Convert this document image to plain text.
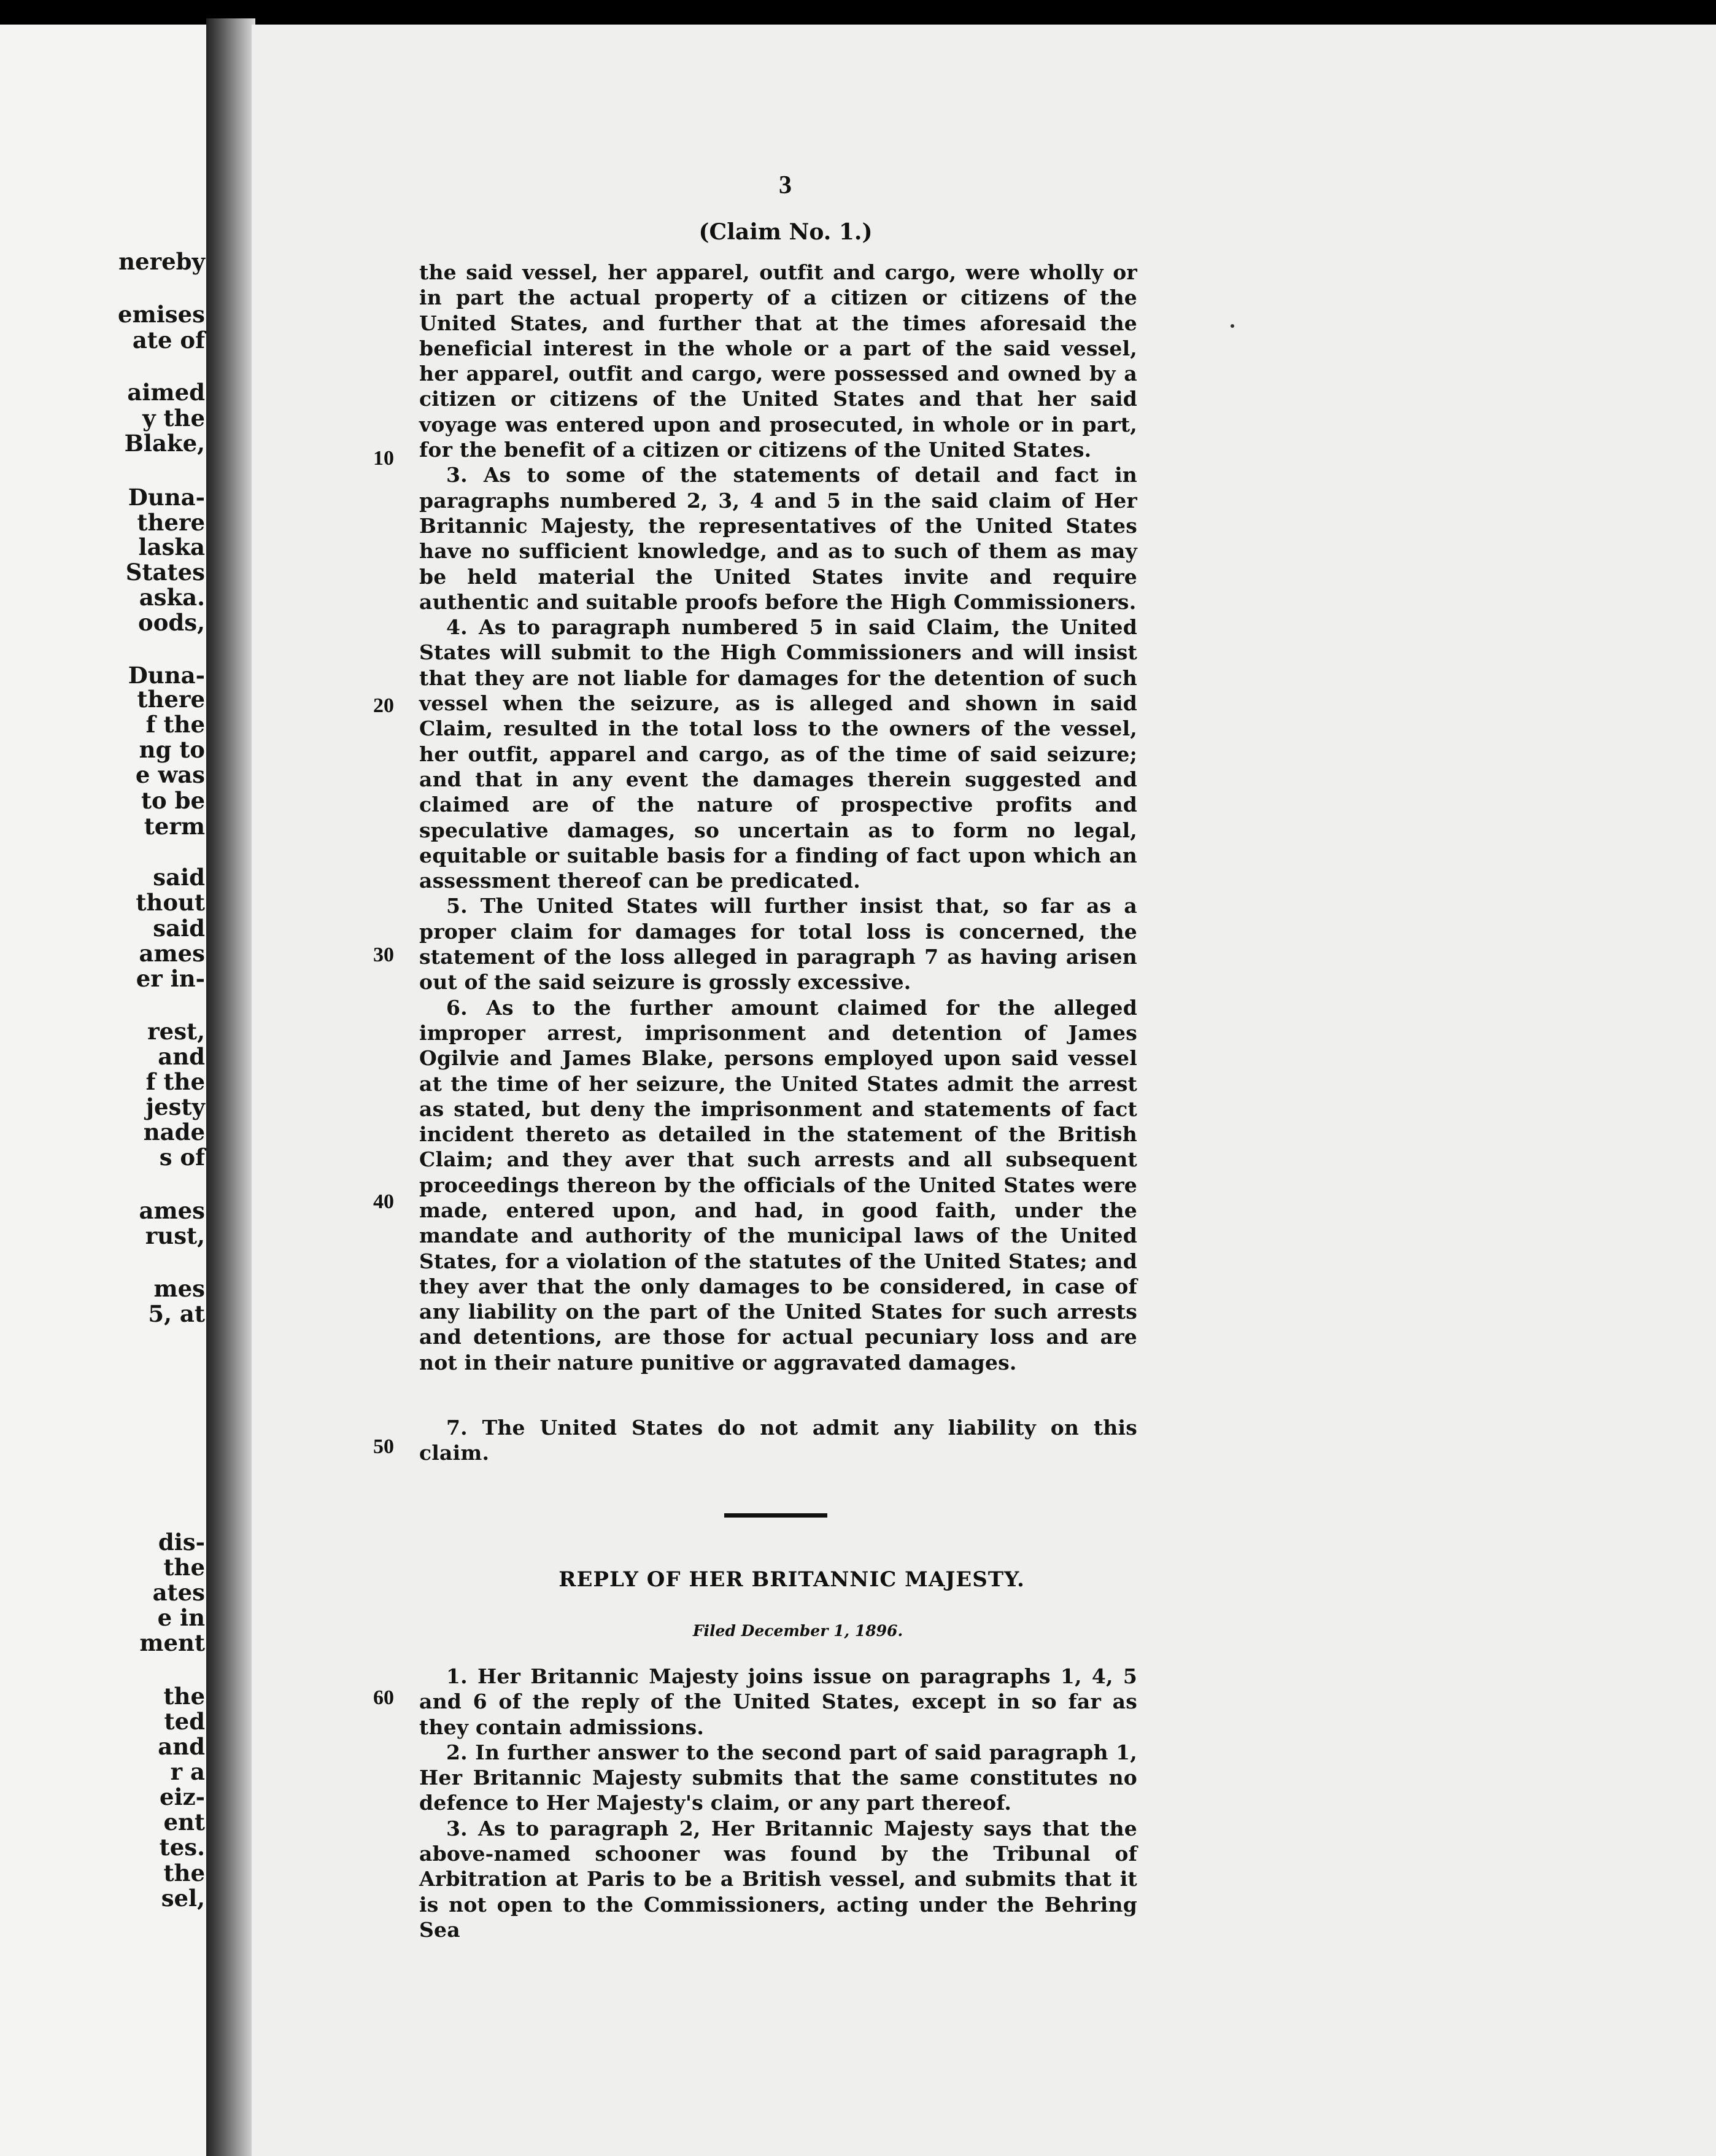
nereby
emises
ate of
aimed
y the
Blake,
Duna-
there
laska
States
aska.
oods,
Duna-
there
f the
ng to
e was
to be
term
said
thout
said
ames
er in-
rest,
and
f the
jesty
nade
s of
ames
rust,
mes
5, at
dis-
the
ates
e in
ment
the
ted
and
r a
eiz-
ent
tes.
the
sel,
3
(Claim No. 1.)
10
20
30
40
50
60

the said vessel, her apparel, outfit and cargo, were wholly or in part the actual property of a citizen or citizens of the United States, and further that at the times aforesaid the beneficial interest in the whole or a part of the said vessel, her apparel, outfit and cargo, were possessed and owned by a citizen or citizens of the United States and that her said voyage was entered upon and prosecuted, in whole or in part, for the benefit of a citizen or citizens of the United States.

3. As to some of the statements of detail and fact in paragraphs numbered 2, 3, 4 and 5 in the said claim of Her Britannic Majesty, the representatives of the United States have no sufficient knowledge, and as to such of them as may be held material the United States invite and require authentic and suitable proofs before the High Commissioners.

4. As to paragraph numbered 5 in said Claim, the United States will submit to the High Commissioners and will insist that they are not liable for damages for the detention of such vessel when the seizure, as is alleged and shown in said Claim, resulted in the total loss to the owners of the vessel, her outfit, apparel and cargo, as of the time of said seizure; and that in any event the damages therein suggested and claimed are of the nature of prospective profits and speculative damages, so uncertain as to form no legal, equitable or suitable basis for a finding of fact upon which an assessment thereof can be predicated.

5. The United States will further insist that, so far as a proper claim for damages for total loss is concerned, the statement of the loss alleged in paragraph 7 as having arisen out of the said seizure is grossly excessive.

6. As to the further amount claimed for the alleged improper arrest, imprisonment and detention of James Ogilvie and James Blake, persons employed upon said vessel at the time of her seizure, the United States admit the arrest as stated, but deny the imprisonment and statements of fact incident thereto as detailed in the statement of the British Claim; and they aver that such arrests and all subsequent proceedings thereon by the officials of the United States were made, entered upon, and had, in good faith, under the mandate and authority of the municipal laws of the United States, for a violation of the statutes of the United States; and they aver that the only damages to be considered, in case of any liability on the part of the United States for such arrests and detentions, are those for actual pecuniary loss and are not in their nature punitive or aggravated damages.

7. The United States do not admit any liability on this claim.

REPLY OF HER BRITANNIC MAJESTY.
Filed December 1, 1896.

1. Her Britannic Majesty joins issue on paragraphs 1, 4, 5 and 6 of the reply of the United States, except in so far as they contain admissions.

2. In further answer to the second part of said paragraph 1, Her Britannic Majesty submits that the same constitutes no defence to Her Majesty's claim, or any part thereof.

3. As to paragraph 2, Her Britannic Majesty says that the above-named schooner was found by the Tribunal of Arbitration at Paris to be a British vessel, and submits that it is not open to the Commissioners, acting under the Behring Sea
